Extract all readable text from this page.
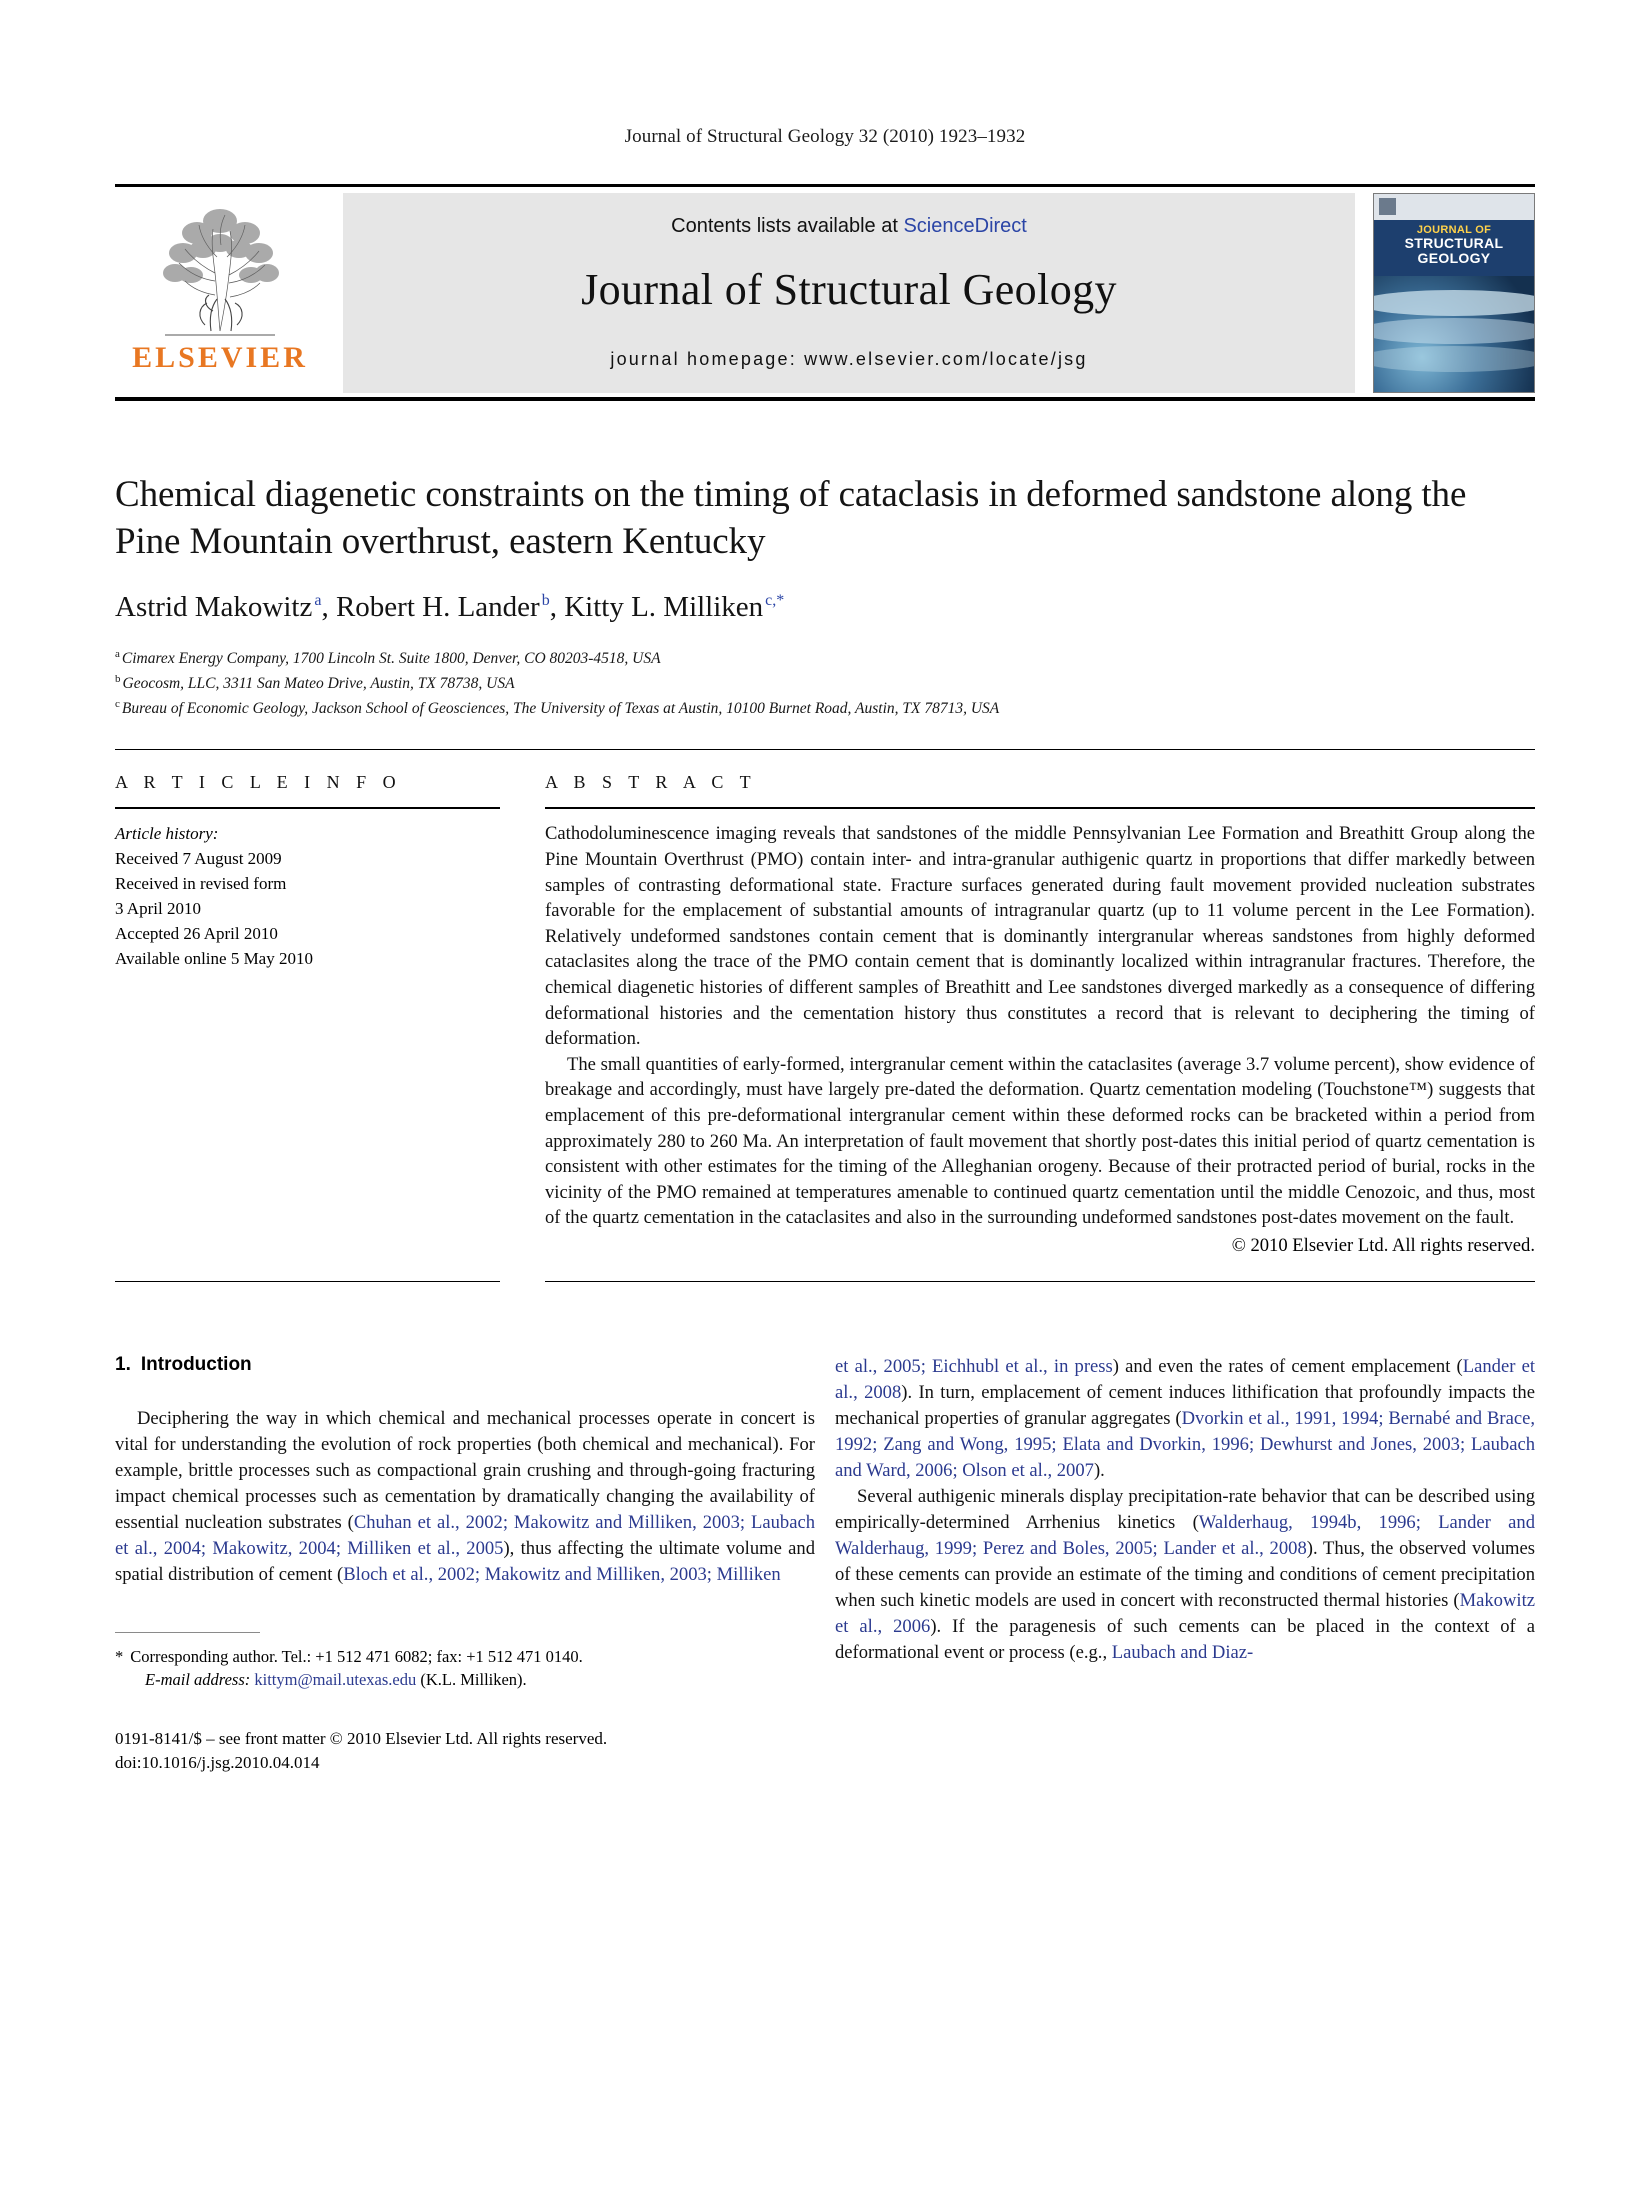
Journal of Structural Geology 32 (2010) 1923–1932
ELSEVIER
Contents lists available at ScienceDirect
Journal of Structural Geology
journal homepage: www.elsevier.com/locate/jsg
JOURNAL OF
STRUCTURAL
GEOLOGY
Chemical diagenetic constraints on the timing of cataclasis in deformed sandstone along the Pine Mountain overthrust, eastern Kentucky
Astrid Makowitz $^a$, Robert H. Lander $^b$, Kitty L. Milliken $^{c,*}$
$^a$ Cimarex Energy Company, 1700 Lincoln St. Suite 1800, Denver, CO 80203-4518, USA
$^b$ Geocosm, LLC, 3311 San Mateo Drive, Austin, TX 78738, USA
$^c$ Bureau of Economic Geology, Jackson School of Geosciences, The University of Texas at Austin, 10100 Burnet Road, Austin, TX 78713, USA
A R T I C L E I N F O
Article history:
Received 7 August 2009
Received in revised form
3 April 2010
Accepted 26 April 2010
Available online 5 May 2010
A B S T R A C T

Cathodoluminescence imaging reveals that sandstones of the middle Pennsylvanian Lee Formation and Breathitt Group along the Pine Mountain Overthrust (PMO) contain inter- and intra-granular authigenic quartz in proportions that differ markedly between samples of contrasting deformational state. Fracture surfaces generated during fault movement provided nucleation substrates favorable for the emplacement of substantial amounts of intragranular quartz (up to 11 volume percent in the Lee Formation). Relatively undeformed sandstones contain cement that is dominantly intergranular whereas sandstones from highly deformed cataclasites along the trace of the PMO contain cement that is dominantly localized within intragranular fractures. Therefore, the chemical diagenetic histories of different samples of Breathitt and Lee sandstones diverged markedly as a consequence of differing deformational histories and the cementation history thus constitutes a record that is relevant to deciphering the timing of deformation.

The small quantities of early-formed, intergranular cement within the cataclasites (average 3.7 volume percent), show evidence of breakage and accordingly, must have largely pre-dated the deformation. Quartz cementation modeling (Touchstone™) suggests that emplacement of this pre-deformational intergranular cement within these deformed rocks can be bracketed within a period from approximately 280 to 260 Ma. An interpretation of fault movement that shortly post-dates this initial period of quartz cementation is consistent with other estimates for the timing of the Alleghanian orogeny. Because of their protracted period of burial, rocks in the vicinity of the PMO remained at temperatures amenable to continued quartz cementation until the middle Cenozoic, and thus, most of the quartz cementation in the cataclasites and also in the surrounding undeformed sandstones post-dates movement on the fault.

© 2010 Elsevier Ltd. All rights reserved.
1. Introduction

Deciphering the way in which chemical and mechanical processes operate in concert is vital for understanding the evolution of rock properties (both chemical and mechanical). For example, brittle processes such as compactional grain crushing and through-going fracturing impact chemical processes such as cementation by dramatically changing the availability of essential nucleation substrates (Chuhan et al., 2002; Makowitz and Milliken, 2003; Laubach et al., 2004; Makowitz, 2004; Milliken et al., 2005), thus affecting the ultimate volume and spatial distribution of cement (Bloch et al., 2002; Makowitz and Milliken, 2003; Milliken

* Corresponding author. Tel.: +1 512 471 6082; fax: +1 512 471 0140.
E-mail address: kittym@mail.utexas.edu (K.L. Milliken).
0191-8141/$ – see front matter © 2010 Elsevier Ltd. All rights reserved.
doi:10.1016/j.jsg.2010.04.014

et al., 2005; Eichhubl et al., in press) and even the rates of cement emplacement (Lander et al., 2008). In turn, emplacement of cement induces lithification that profoundly impacts the mechanical properties of granular aggregates (Dvorkin et al., 1991, 1994; Bernabé and Brace, 1992; Zang and Wong, 1995; Elata and Dvorkin, 1996; Dewhurst and Jones, 2003; Laubach and Ward, 2006; Olson et al., 2007).

Several authigenic minerals display precipitation-rate behavior that can be described using empirically-determined Arrhenius kinetics (Walderhaug, 1994b, 1996; Lander and Walderhaug, 1999; Perez and Boles, 2005; Lander et al., 2008). Thus, the observed volumes of these cements can provide an estimate of the timing and conditions of cement precipitation when such kinetic models are used in concert with reconstructed thermal histories (Makowitz et al., 2006). If the paragenesis of such cements can be placed in the context of a deformational event or process (e.g., Laubach and Diaz-
